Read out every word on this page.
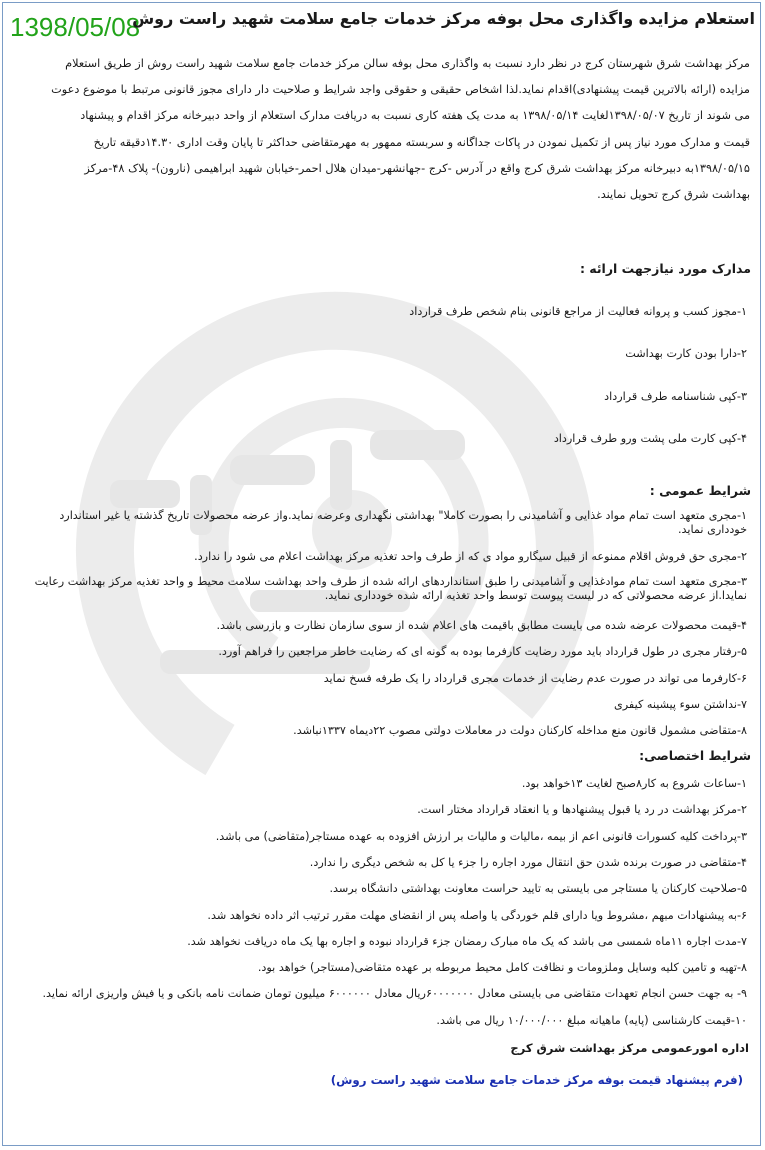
1398/05/08
استعلام مزایده واگذاری محل بوفه مرکز خدمات جامع سلامت شهید راست روش
مرکز بهداشت شرق شهرستان کرج در نظر دارد نسبت به واگذاری محل بوفه سالن مرکز خدمات جامع سلامت شهید راست روش از طریق استعلام
مزایده (ارائه بالاترین قیمت پیشنهادی)اقدام نماید.لذا اشخاص حقیقی و حقوقی واجد شرایط و صلاحیت دار دارای مجوز قانونی مرتبط با موضوع دعوت
می شوند از تاریخ ۱۳۹۸/۰۵/۰۷لغایت ۱۳۹۸/۰۵/۱۴ به مدت یک هفته کاری نسبت به دریافت مدارک استعلام از واحد دبیرخانه مرکز اقدام و پیشنهاد
قیمت و مدارک مورد نیاز پس از تکمیل نمودن در پاکات جداگانه و سربسته ممهور به مهرمتقاضی حداکثر تا پایان وقت اداری ۱۴.۳۰دقیقه تاریخ
۱۳۹۸/۰۵/۱۵به دبیرخانه مرکز بهداشت شرق کرج واقع در آدرس -کرج -جهانشهر-میدان هلال احمر-خیابان شهید ابراهیمی (نارون)- پلاک ۴۸-مرکز
بهداشت شرق کرج تحویل نمایند.
مدارک مورد نیازجهت ارائه :
۱-مجوز کسب و پروانه فعالیت از مراجع قانونی بنام شخص طرف قرارداد
۲-دارا بودن کارت بهداشت
۳-کپی شناسنامه طرف قرارداد
۴-کپی کارت ملی پشت ورو طرف قرارداد
شرایط عمومی :
۱-مجری متعهد است تمام مواد غذایی و آشامیدنی را بصورت کاملا" بهداشتی نگهداری وعرضه نماید.واز عرضه محصولات تاریخ گذشته یا غیر استاندارد خودداری نماید.
۲-مجری حق فروش اقلام ممنوعه از قبیل سیگارو مواد ی که از طرف واحد تغذیه مرکز بهداشت اعلام می شود را ندارد.
۳-مجری متعهد است تمام موادغذایی و آشامیدنی را طبق استانداردهای ارائه شده از طرف واحد بهداشت سلامت محیط و واحد تغذیه مرکز بهداشت رعایت نمایدا.از عرضه محصولاتی که در لیست پیوست توسط واحد تغذیه ارائه شده خودداری نماید.
۴-قیمت محصولات عرضه شده می بایست مطابق باقیمت های اعلام شده از سوی سازمان نظارت و بازرسی باشد.
۵-رفتار مجری در طول قرارداد باید مورد رضایت کارفرما بوده به گونه ای که رضایت خاطر مراجعین را فراهم آورد.
۶-کارفرما می تواند در صورت عدم رضایت از خدمات مجری قرارداد را یک طرفه فسخ نماید
۷-نداشتن سوء پیشینه کیفری
۸-متقاضی مشمول قانون منع مداخله کارکنان دولت در معاملات دولتی مصوب ۲۲دیماه ۱۳۳۷نباشد.
شرایط اختصاصی:
۱-ساعات شروع به کار۸صبح لغایت ۱۳خواهد بود.
۲-مرکز بهداشت در رد یا قبول پیشنهادها و یا انعقاد قرارداد مختار است.
۳-پرداخت کلیه کسورات قانونی اعم از بیمه ،مالیات و مالیات بر ارزش افزوده به عهده مستاجر(متقاضی) می باشد.
۴-متقاضی در صورت برنده شدن حق انتقال مورد اجاره را جزء یا کل به شخص دیگری را ندارد.
۵-صلاحیت کارکنان یا مستاجر می بایستی به تایید حراست معاونت بهداشتی دانشگاه برسد.
۶-به پیشنهادات مبهم ،مشروط ویا دارای قلم خوردگی یا واصله پس از انقضای مهلت مقرر ترتیب اثر داده نخواهد شد.
۷-مدت اجاره ۱۱ماه شمسی می باشد که یک ماه مبارک رمضان جزء قرارداد نبوده و اجاره بها یک ماه دریافت نخواهد شد.
۸-تهیه و تامین کلیه وسایل وملزومات و نظافت کامل محیط مربوطه بر عهده متقاضی(مستاجر) خواهد بود.
۹- به جهت حسن انجام تعهدات متقاضی می بایستی معادل ۶۰۰۰۰۰۰۰ریال معادل ۶۰۰۰۰۰۰ میلیون تومان ضمانت نامه بانکی و یا فیش واریزی ارائه نماید.
۱۰-قیمت کارشناسی (پایه) ماهیانه مبلغ ۱۰/۰۰۰/۰۰۰ ریال می باشد.
اداره امورعمومی مرکز بهداشت شرق کرج
(فرم پیشنهاد قیمت بوفه مرکز خدمات جامع سلامت شهید راست روش)
